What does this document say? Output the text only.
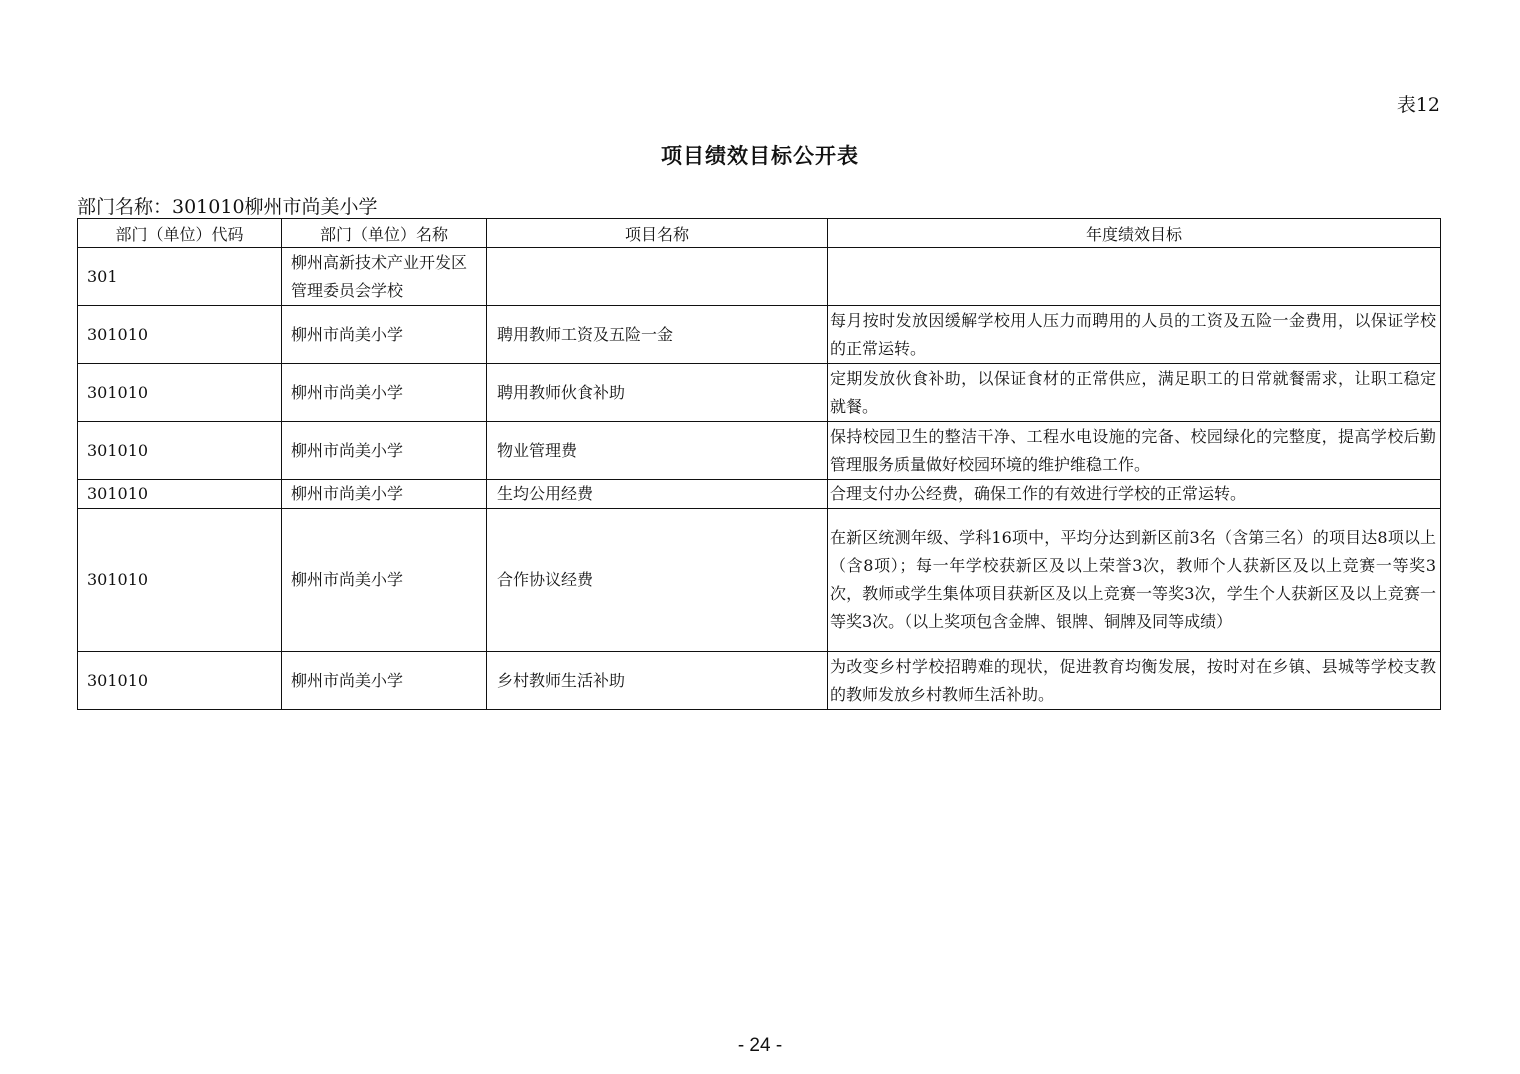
表12
项目绩效目标公开表
部门名称：301010柳州市尚美小学
部门（单位）代码	部门（单位）名称	项目名称	年度绩效目标
301	柳州高新技术产业开发区管理委员会学校		
301010	柳州市尚美小学	聘用教师工资及五险一金	每月按时发放因缓解学校用人压力而聘用的人员的工资及五险一金费用，以保证学校的正常运转。
301010	柳州市尚美小学	聘用教师伙食补助	定期发放伙食补助，以保证食材的正常供应，满足职工的日常就餐需求，让职工稳定就餐。
301010	柳州市尚美小学	物业管理费	保持校园卫生的整洁干净、工程水电设施的完备、校园绿化的完整度，提高学校后勤管理服务质量做好校园环境的维护维稳工作。
301010	柳州市尚美小学	生均公用经费	合理支付办公经费，确保工作的有效进行学校的正常运转。
301010	柳州市尚美小学	合作协议经费	在新区统测年级、学科16项中，平均分达到新区前3名（含第三名）的项目达8项以上（含8项）；每一年学校获新区及以上荣誉3次，教师个人获新区及以上竞赛一等奖3次，教师或学生集体项目获新区及以上竞赛一等奖3次，学生个人获新区及以上竞赛一等奖3次。（以上奖项包含金牌、银牌、铜牌及同等成绩）
301010	柳州市尚美小学	乡村教师生活补助	为改变乡村学校招聘难的现状，促进教育均衡发展，按时对在乡镇、县城等学校支教的教师发放乡村教师生活补助。
- 24 -
